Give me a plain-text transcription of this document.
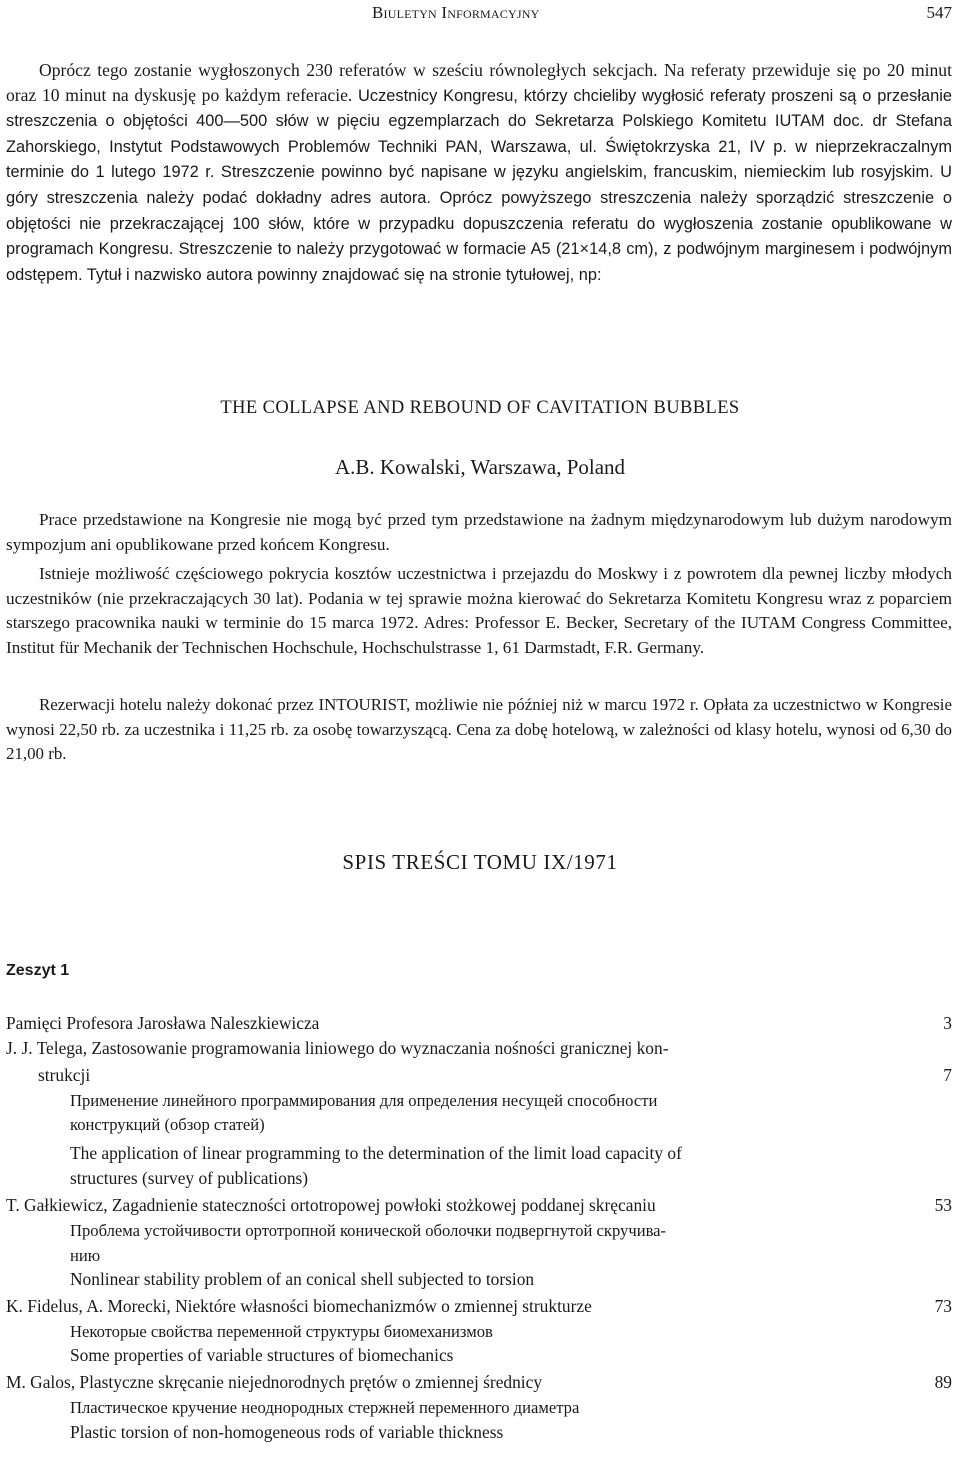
Biuletyn Informacyjny	547
Oprócz tego zostanie wygłoszonych 230 referatów w sześciu równoległych sekcjach. Na referaty przewiduje się po 20 minut oraz 10 minut na dyskusję po każdym referacie. Uczestnicy Kongresu, którzy chcieliby wygłosić referaty proszeni są o przesłanie streszczenia o objętości 400—500 słów w pięciu egzemplarzach do Sekretarza Polskiego Komitetu IUTAM doc. dr Stefana Zahorskiego, Instytut Podstawowych Problemów Techniki PAN, Warszawa, ul. Świętokrzyska 21, IV p. w nieprzekraczalnym terminie do 1 lutego 1972 r. Streszczenie powinno być napisane w języku angielskim, francuskim, niemieckim lub rosyjskim. U góry streszczenia należy podać dokładny adres autora. Oprócz powyższego streszczenia należy sporządzić streszczenie o objętości nie przekraczającej 100 słów, które w przypadku dopuszczenia referatu do wygłoszenia zostanie opublikowane w programach Kongresu. Streszczenie to należy przygotować w formacie A5 (21×14,8 cm), z podwójnym marginesem i podwójnym odstępem. Tytuł i nazwisko autora powinny znajdować się na stronie tytułowej, np:
THE COLLAPSE AND REBOUND OF CAVITATION BUBBLES
A.B. Kowalski, Warszawa, Poland
Prace przedstawione na Kongresie nie mogą być przed tym przedstawione na żadnym międzynarodowym lub dużym narodowym sympozjum ani opublikowane przed końcem Kongresu.
Istnieje możliwość częściowego pokrycia kosztów uczestnictwa i przejazdu do Moskwy i z powrotem dla pewnej liczby młodych uczestników (nie przekraczających 30 lat). Podania w tej sprawie można kierować do Sekretarza Komitetu Kongresu wraz z poparciem starszego pracownika nauki w terminie do 15 marca 1972. Adres: Professor E. Becker, Secretary of the IUTAM Congress Committee, Institut für Mechanik der Technischen Hochschule, Hochschulstrasse 1, 61 Darmstadt, F.R. Germany.
Rezerwacji hotelu należy dokonać przez INTOURIST, możliwie nie później niż w marcu 1972 r. Opłata za uczestnictwo w Kongresie wynosi 22,50 rb. za uczestnika i 11,25 rb. za osobę towarzyszącą. Cena za dobę hotelową, w zależności od klasy hotelu, wynosi od 6,30 do 21,00 rb.
SPIS TREŚCI TOMU IX/1971
Zeszyt 1
Pamięci Profesora Jarosława Naleszkiewicza	3
J. J. Telega, Zastosowanie programowania liniowego do wyznaczania nośności granicznej kon-
strukcji	7
Применение линейного программирования для определения несущей способности
конструкций (обзор статей)
The application of linear programming to the determination of the limit load capacity of
structures (survey of publications)
T. Gałkiewicz, Zagadnienie stateczności ortotropowej powłoki stożkowej poddanej skręcaniu	53
Проблема устойчивости ортотропной конической оболочки подвергнутой скручива-
нию
Nonlinear stability problem of an conical shell subjected to torsion
K. Fidelus, A. Morecki, Niektóre własności biomechanizmów o zmiennej strukturze	73
Некоторые свойства переменной структуры биомеханизмов
Some properties of variable structures of biomechanics
M. Galos, Plastyczne skręcanie niejednorodnych prętów o zmiennej średnicy	89
Пластическое кручение неоднородных стержней переменного диаметра
Plastic torsion of non-homogeneous rods of variable thickness
